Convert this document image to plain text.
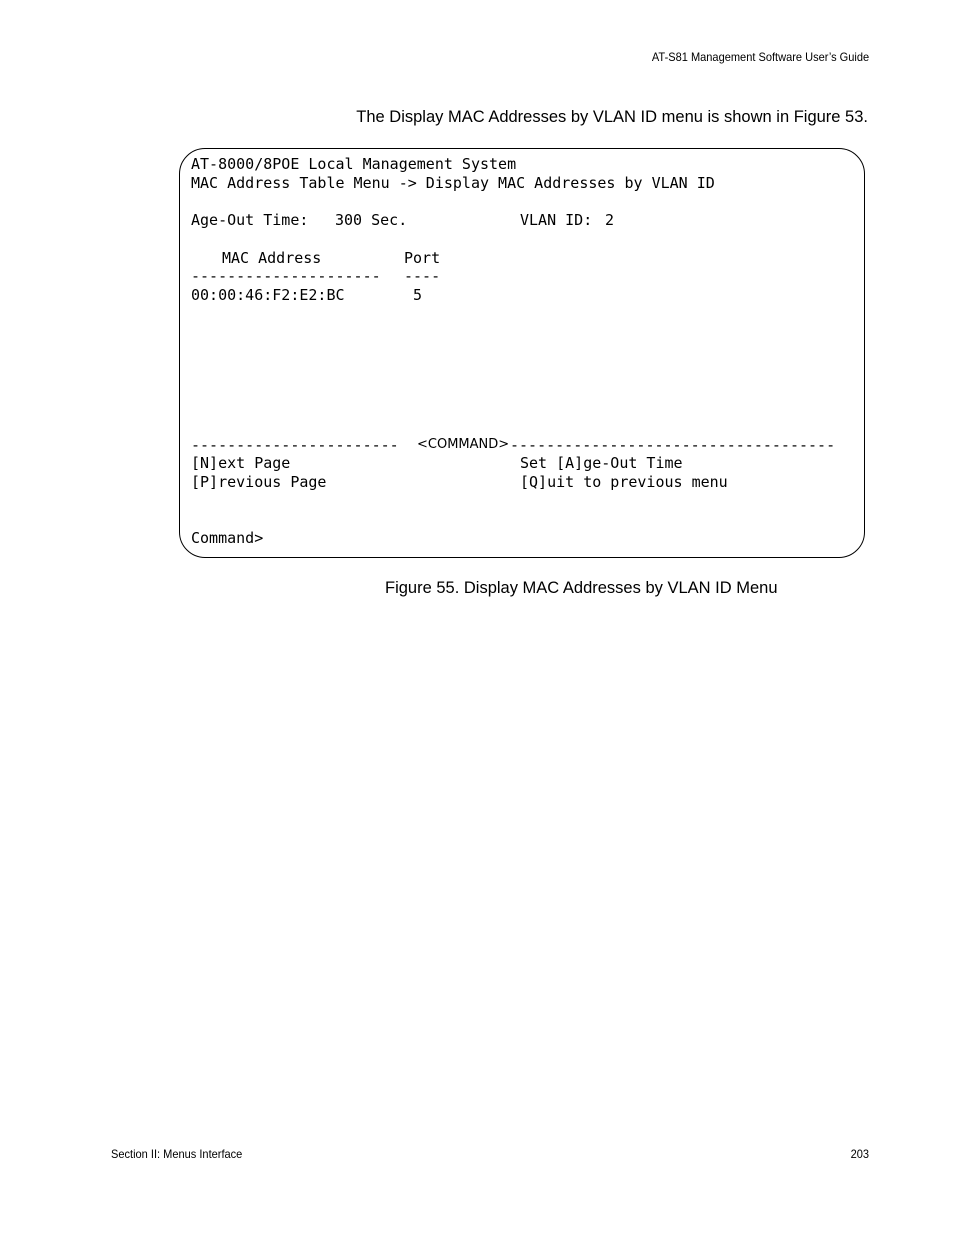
AT-S81 Management Software User’s Guide
The Display MAC Addresses by VLAN ID menu is shown in Figure 53.
AT-8000/8POE Local Management System
MAC Address Table Menu -> Display MAC Addresses by VLAN ID
Age-Out Time: 300 Sec.	VLAN ID: 2
MAC Address	Port
--------------------- ----
00:00:46:F2:E2:BC	5
----------------------- <COMMAND> ------------------------------------
[N]ext Page	Set [A]ge-Out Time
[P]revious Page	[Q]uit to previous menu
Command>
Figure 55. Display MAC Addresses by VLAN ID Menu
Section II: Menus Interface	203
